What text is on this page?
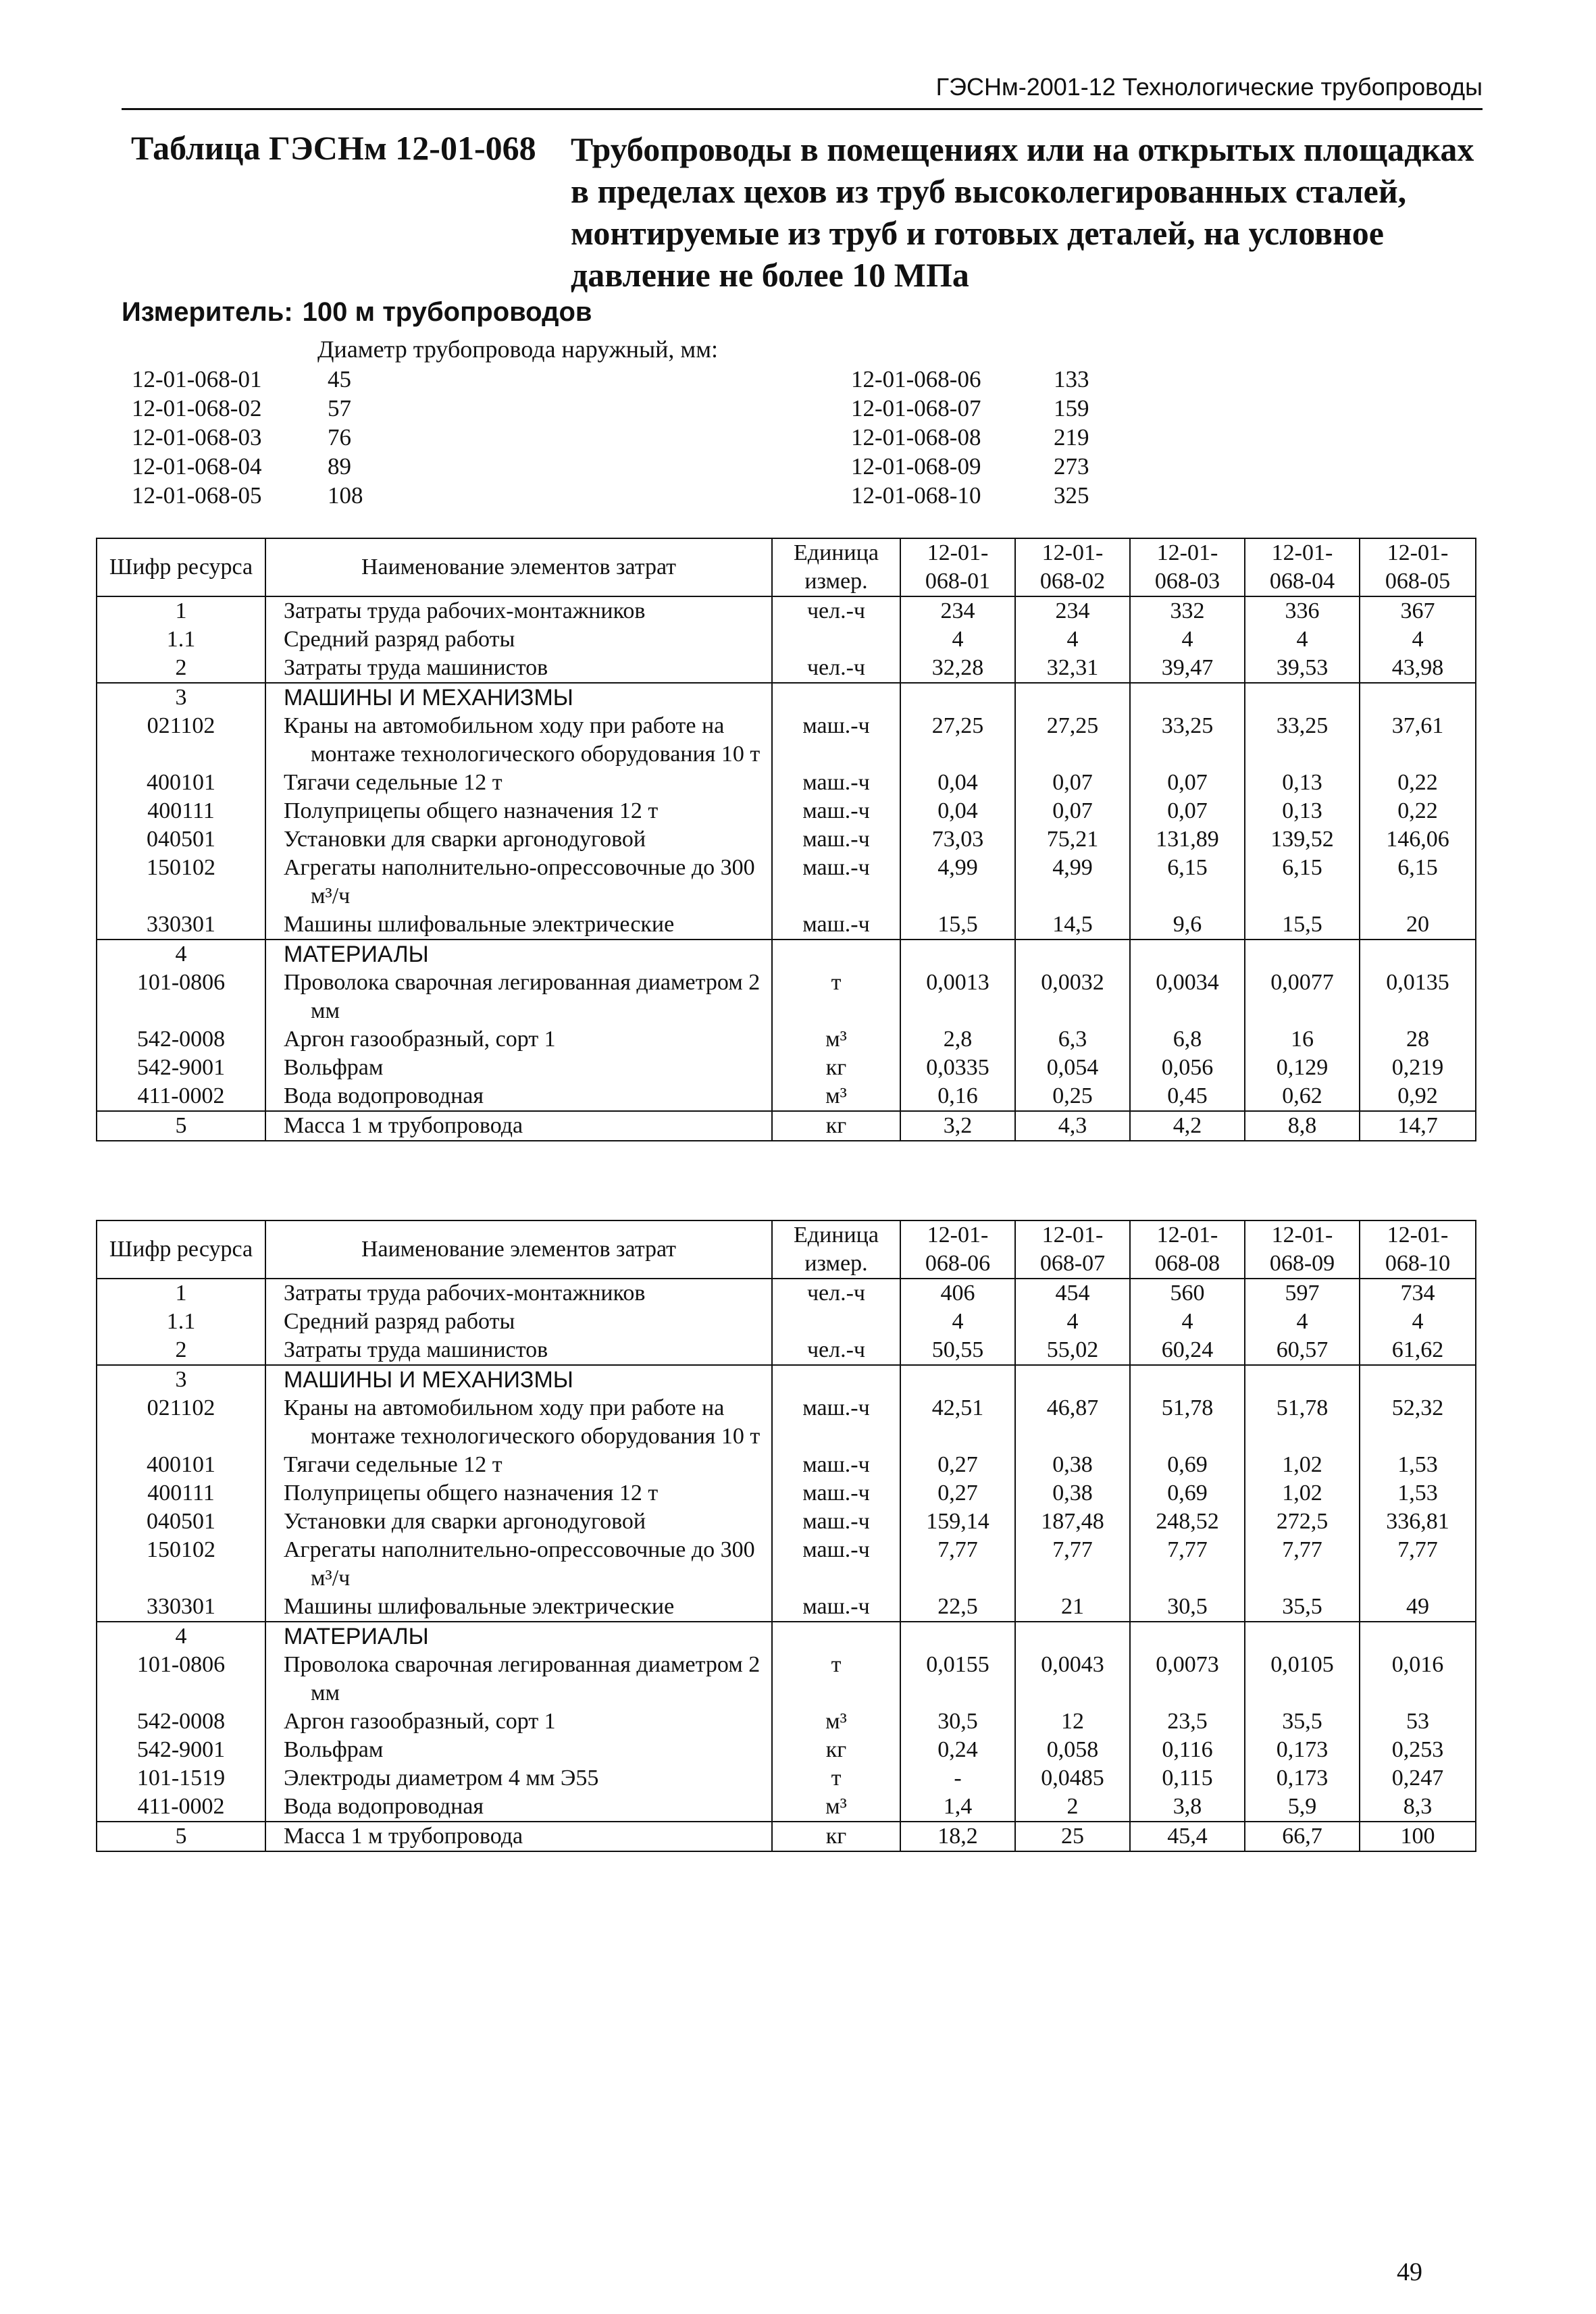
ГЭСНм-2001-12 Технологические трубопроводы
Таблица ГЭСНм 12-01-068 Трубопроводы в помещениях или на открытых площадках в пределах цехов из труб высоколегированных сталей, монтируемые из труб и готовых деталей, на условное давление не более 10 МПа
Измеритель: 100 м трубопроводов
Диаметр трубопровода наружный, мм:
12-01-068-01	45	12-01-068-06	133
12-01-068-02	57	12-01-068-07	159
12-01-068-03	76	12-01-068-08	219
12-01-068-04	89	12-01-068-09	273
12-01-068-05	108	12-01-068-10	325
Шифр ресурса	Наименование элементов затрат	Единица измер.	12-01-068-01	12-01-068-02	12-01-068-03	12-01-068-04	12-01-068-05
1	Затраты труда рабочих-монтажников	чел.-ч	234	234	332	336	367
1.1	Средний разряд работы		4	4	4	4	4
2	Затраты труда машинистов	чел.-ч	32,28	32,31	39,47	39,53	43,98
3	МАШИНЫ И МЕХАНИЗМЫ						

021102	Краны на автомобильном ходу при работе на монтаже технологического оборудования 10 т	маш.-ч	27,25	27,25	33,25	33,25	37,61
400101	Тягачи седельные 12 т	маш.-ч	0,04	0,07	0,07	0,13	0,22
400111	Полуприцепы общего назначения 12 т	маш.-ч	0,04	0,07	0,07	0,13	0,22
040501	Установки для сварки аргонодуговой	маш.-ч	73,03	75,21	131,89	139,52	146,06
150102	Агрегаты наполнительно-опрессовочные до 300 м³/ч	маш.-ч	4,99	4,99	6,15	6,15	6,15
330301	Машины шлифовальные электрические	маш.-ч	15,5	14,5	9,6	15,5	20
4	МАТЕРИАЛЫ						

101-0806	Проволока сварочная легированная диаметром 2 мм	т	0,0013	0,0032	0,0034	0,0077	0,0135
542-0008	Аргон газообразный, сорт 1	м³	2,8	6,3	6,8	16	28
542-9001	Вольфрам	кг	0,0335	0,054	0,056	0,129	0,219
411-0002	Вода водопроводная	м³	0,16	0,25	0,45	0,62	0,92
5	Масса 1 м трубопровода	кг	3,2	4,3	4,2	8,8	14,7
Шифр ресурса	Наименование элементов затрат	Единица измер.	12-01-068-06	12-01-068-07	12-01-068-08	12-01-068-09	12-01-068-10
1	Затраты труда рабочих-монтажников	чел.-ч	406	454	560	597	734
1.1	Средний разряд работы		4	4	4	4	4
2	Затраты труда машинистов	чел.-ч	50,55	55,02	60,24	60,57	61,62
3	МАШИНЫ И МЕХАНИЗМЫ						

021102	Краны на автомобильном ходу при работе на монтаже технологического оборудования 10 т	маш.-ч	42,51	46,87	51,78	51,78	52,32
400101	Тягачи седельные 12 т	маш.-ч	0,27	0,38	0,69	1,02	1,53
400111	Полуприцепы общего назначения 12 т	маш.-ч	0,27	0,38	0,69	1,02	1,53
040501	Установки для сварки аргонодуговой	маш.-ч	159,14	187,48	248,52	272,5	336,81
150102	Агрегаты наполнительно-опрессовочные до 300 м³/ч	маш.-ч	7,77	7,77	7,77	7,77	7,77
330301	Машины шлифовальные электрические	маш.-ч	22,5	21	30,5	35,5	49
4	МАТЕРИАЛЫ						

101-0806	Проволока сварочная легированная диаметром 2 мм	т	0,0155	0,0043	0,0073	0,0105	0,016
542-0008	Аргон газообразный, сорт 1	м³	30,5	12	23,5	35,5	53
542-9001	Вольфрам	кг	0,24	0,058	0,116	0,173	0,253
101-1519	Электроды диаметром 4 мм Э55	т	-	0,0485	0,115	0,173	0,247
411-0002	Вода водопроводная	м³	1,4	2	3,8	5,9	8,3
5	Масса 1 м трубопровода	кг	18,2	25	45,4	66,7	100
49
